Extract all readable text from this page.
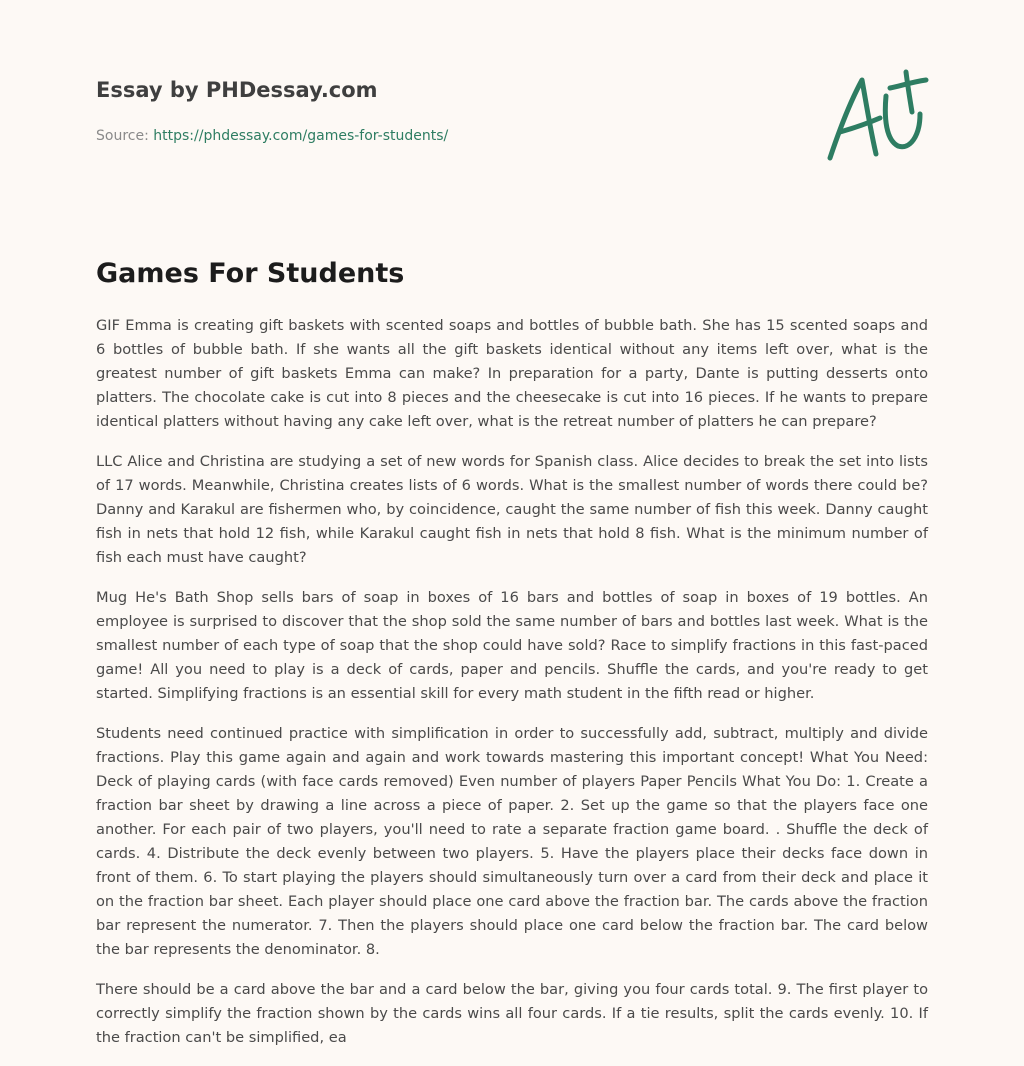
Essay by PHDessay.com
Source: https://phdessay.com/games-for-students/
Games For Students

GIF Emma is creating gift baskets with scented soaps and bottles of bubble bath. She has 15 scented soaps and 6 bottles of bubble bath. If she wants all the gift baskets identical without any items left over, what is the greatest number of gift baskets Emma can make? In preparation for a party, Dante is putting desserts onto platters. The chocolate cake is cut into 8 pieces and the cheesecake is cut into 16 pieces. If he wants to prepare identical platters without having any cake left over, what is the retreat number of platters he can prepare?

LLC Alice and Christina are studying a set of new words for Spanish class. Alice decides to break the set into lists of 17 words. Meanwhile, Christina creates lists of 6 words. What is the smallest number of words there could be? Danny and Karakul are fishermen who, by coincidence, caught the same number of fish this week. Danny caught fish in nets that hold 12 fish, while Karakul caught fish in nets that hold 8 fish. What is the minimum number of fish each must have caught?

Mug He's Bath Shop sells bars of soap in boxes of 16 bars and bottles of soap in boxes of 19 bottles. An employee is surprised to discover that the shop sold the same number of bars and bottles last week. What is the smallest number of each type of soap that the shop could have sold? Race to simplify fractions in this fast-paced game! All you need to play is a deck of cards, paper and pencils. Shuffle the cards, and you're ready to get started. Simplifying fractions is an essential skill for every math student in the fifth read or higher.

Students need continued practice with simplification in order to successfully add, subtract, multiply and divide fractions. Play this game again and again and work towards mastering this important concept! What You Need: Deck of playing cards (with face cards removed) Even number of players Paper Pencils What You Do: 1. Create a fraction bar sheet by drawing a line across a piece of paper. 2. Set up the game so that the players face one another. For each pair of two players, you'll need to rate a separate fraction game board. . Shuffle the deck of cards. 4. Distribute the deck evenly between two players. 5. Have the players place their decks face down in front of them. 6. To start playing the players should simultaneously turn over a card from their deck and place it on the fraction bar sheet. Each player should place one card above the fraction bar. The cards above the fraction bar represent the numerator. 7. Then the players should place one card below the fraction bar. The card below the bar represents the denominator. 8.

There should be a card above the bar and a card below the bar, giving you four cards total. 9. The first player to correctly simplify the fraction shown by the cards wins all four cards. If a tie results, split the cards evenly. 10. If the fraction can't be simplified, ea
